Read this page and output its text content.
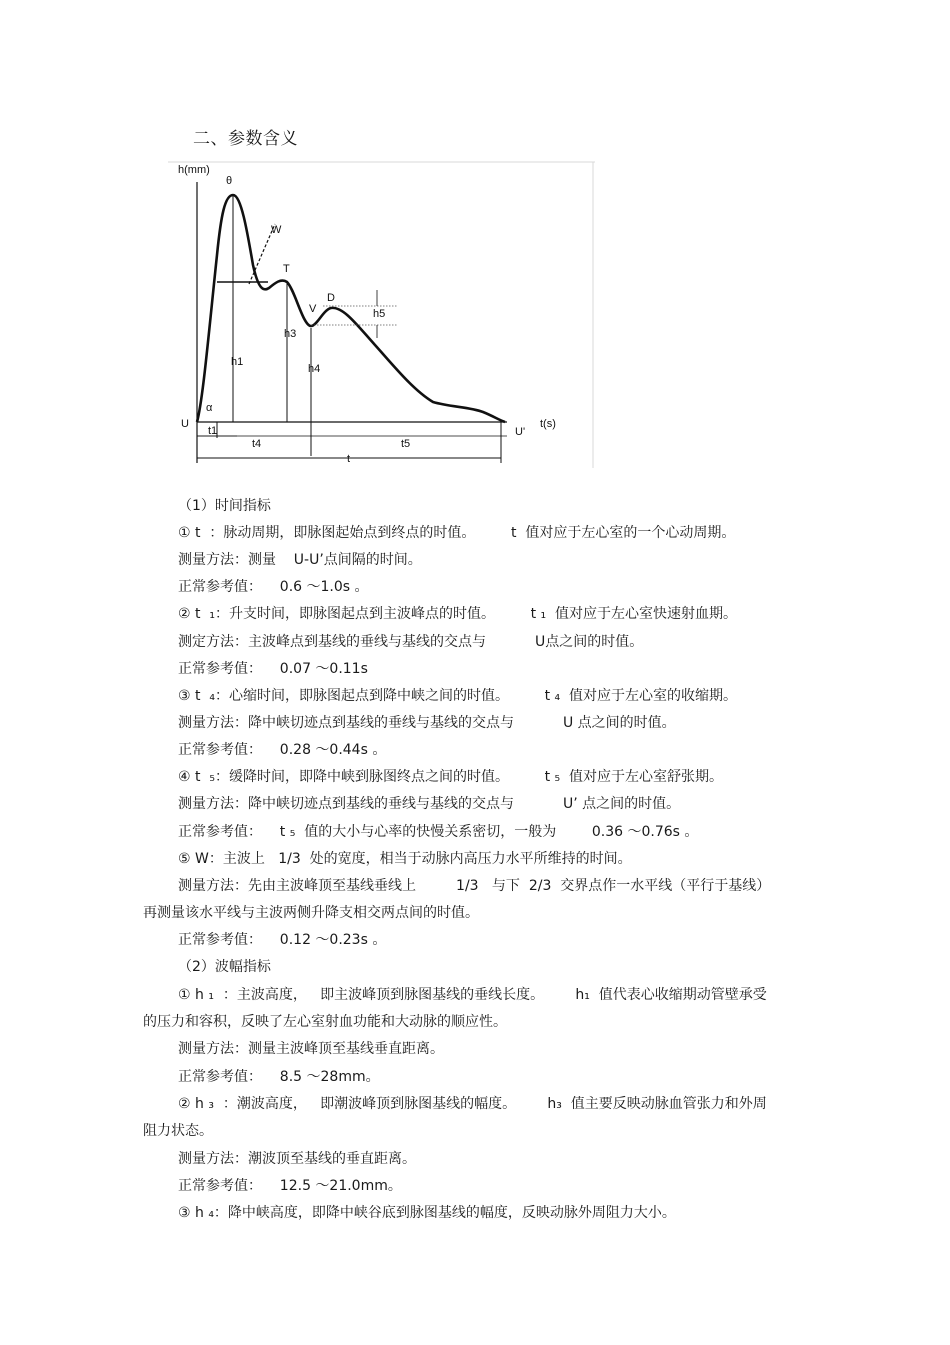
二、参数含义
h(mm)
θ
W
T
V
D
h5
h3
h1
h4
α
U
U'
t(s)
t1
t4	t5
t
（1）时间指标
① t  ：脉动周期，即脉图起始点到终点的时值。        t  值对应于左心室的一个心动周期。
测量方法：测量    U-U’点间隔的时间。
正常参考值：    0.6 ～1.0s 。
② t  ₁：升支时间，即脉图起点到主波峰点的时值。        t ₁  值对应于左心室快速射血期。
测定方法：主波峰点到基线的垂线与基线的交点与           U点之间的时值。
正常参考值：    0.07 ～0.11s
③ t  ₄：心缩时间，即脉图起点到降中峡之间的时值。        t ₄  值对应于左心室的收缩期。
测量方法：降中峡切迹点到基线的垂线与基线的交点与           U 点之间的时值。
正常参考值：    0.28 ～0.44s 。
④ t  ₅：缓降时间，即降中峡到脉图终点之间的时值。        t ₅  值对应于左心室舒张期。
测量方法：降中峡切迹点到基线的垂线与基线的交点与           U’ 点之间的时值。
正常参考值：    t ₅  值的大小与心率的快慢关系密切，一般为        0.36 ～0.76s 。
⑤ W：主波上   1/3  处的宽度，相当于动脉内高压力水平所维持的时间。
测量方法：先由主波峰顶至基线垂线上         1/3   与下  2/3  交界点作一水平线（平行于基线）
再测量该水平线与主波两侧升降支相交两点间的时值。
正常参考值：    0.12 ～0.23s 。
（2）波幅指标
① h ₁  ：主波高度，   即主波峰顶到脉图基线的垂线长度。       h₁  值代表心收缩期动管壁承受
的压力和容积，反映了左心室射血功能和大动脉的顺应性。
测量方法：测量主波峰顶至基线垂直距离。
正常参考值：    8.5 ～28mm。
② h ₃  ：潮波高度，   即潮波峰顶到脉图基线的幅度。       h₃  值主要反映动脉血管张力和外周
阻力状态。
测量方法：潮波顶至基线的垂直距离。
正常参考值：    12.5 ～21.0mm。
③ h ₄：降中峡高度，即降中峡谷底到脉图基线的幅度，反映动脉外周阻力大小。
